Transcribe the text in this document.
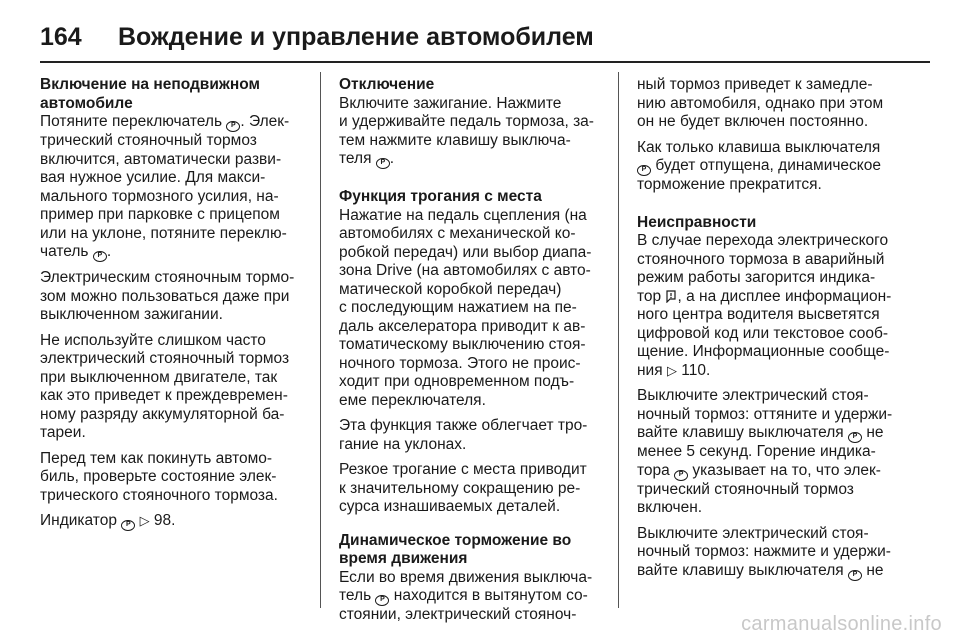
164	Вождение и управление автомобилем
Включение на неподвижном
автомобиле
Потяните переключатель P . Элек-
трический стояночный тормоз
включится, автоматически разви-
вая нужное усилие. Для макси-
мального тормозного усилия, на-
пример при парковке с прицепом
или на уклоне, потяните переклю-
чатель P .
Электрическим стояночным тормо-
зом можно пользоваться даже при
выключенном зажигании.
Не используйте слишком часто
электрический стояночный тормоз
при выключенном двигателе, так
как это приведет к преждевремен-
ному разряду аккумуляторной ба-
тареи.
Перед тем как покинуть автомо-
биль, проверьте состояние элек-
трического стояночного тормоза.
Индикатор P ▷ 98.
Отключение
Включите зажигание. Нажмите
и удерживайте педаль тормоза, за-
тем нажмите клавишу выключа-
теля P .
Функция трогания с места
Нажатие на педаль сцепления (на
автомобилях с механической ко-
робкой передач) или выбор диапа-
зона Drive (на автомобилях с авто-
матической коробкой передач)
с последующим нажатием на пе-
даль акселератора приводит к ав-
томатическому выключению стоя-
ночного тормоза. Этого не проис-
ходит при одновременном подъ-
еме переключателя.
Эта функция также облегчает тро-
гание на уклонах.
Резкое трогание с места приводит
к значительному сокращению ре-
сурса изнашиваемых деталей.
Динамическое торможение во
время движения
Если во время движения выключа-
тель P находится в вытянутом со-
стоянии, электрический стояноч-
ный тормоз приведет к замедле-
нию автомобиля, однако при этом
он не будет включен постоянно.
Как только клавиша выключателя
P будет отпущена, динамическое
торможение прекратится.
Неисправности
В случае перехода электрического
стояночного тормоза в аварийный
режим работы загорится индика-
тор , а на дисплее информацион-
ного центра водителя высветятся
цифровой код или текстовое сооб-
щение. Информационные сообще-
ния ▷ 110.
Выключите электрический стоя-
ночный тормоз: оттяните и удержи-
вайте клавишу выключателя P не
менее 5 секунд. Горение индика-
тора P указывает на то, что элек-
трический стояночный тормоз
включен.
Выключите электрический стоя-
ночный тормоз: нажмите и удержи-
вайте клавишу выключателя P не
carmanualsonline.info
